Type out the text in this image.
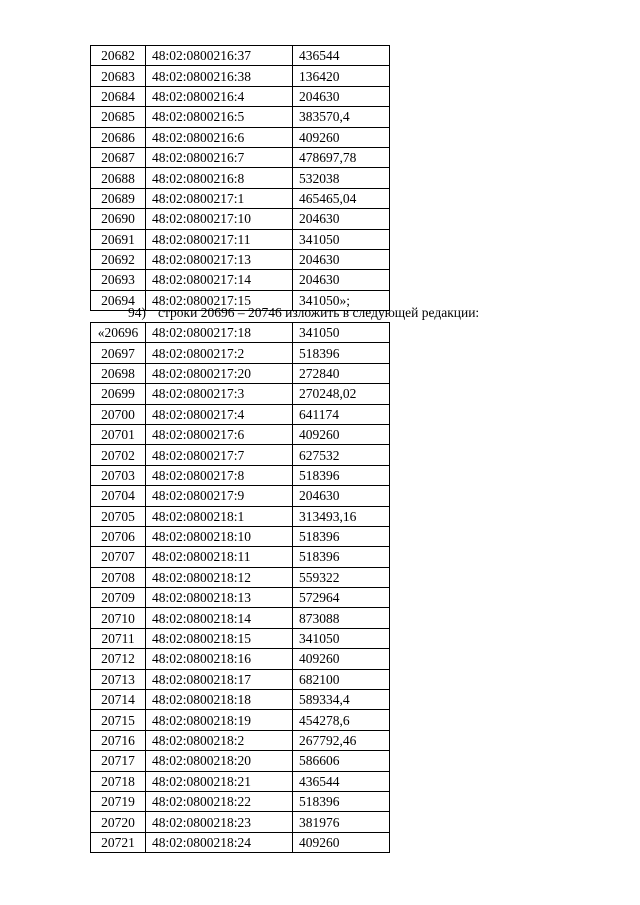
20682	48:02:0800216:37	436544
20683	48:02:0800216:38	136420
20684	48:02:0800216:4	204630
20685	48:02:0800216:5	383570,4
20686	48:02:0800216:6	409260
20687	48:02:0800216:7	478697,78
20688	48:02:0800216:8	532038
20689	48:02:0800217:1	465465,04
20690	48:02:0800217:10	204630
20691	48:02:0800217:11	341050
20692	48:02:0800217:13	204630
20693	48:02:0800217:14	204630
20694	48:02:0800217:15	341050»;
94) строки 20696 – 20746 изложить в следующей редакции:
«20696	48:02:0800217:18	341050
20697	48:02:0800217:2	518396
20698	48:02:0800217:20	272840
20699	48:02:0800217:3	270248,02
20700	48:02:0800217:4	641174
20701	48:02:0800217:6	409260
20702	48:02:0800217:7	627532
20703	48:02:0800217:8	518396
20704	48:02:0800217:9	204630
20705	48:02:0800218:1	313493,16
20706	48:02:0800218:10	518396
20707	48:02:0800218:11	518396
20708	48:02:0800218:12	559322
20709	48:02:0800218:13	572964
20710	48:02:0800218:14	873088
20711	48:02:0800218:15	341050
20712	48:02:0800218:16	409260
20713	48:02:0800218:17	682100
20714	48:02:0800218:18	589334,4
20715	48:02:0800218:19	454278,6
20716	48:02:0800218:2	267792,46
20717	48:02:0800218:20	586606
20718	48:02:0800218:21	436544
20719	48:02:0800218:22	518396
20720	48:02:0800218:23	381976
20721	48:02:0800218:24	409260
